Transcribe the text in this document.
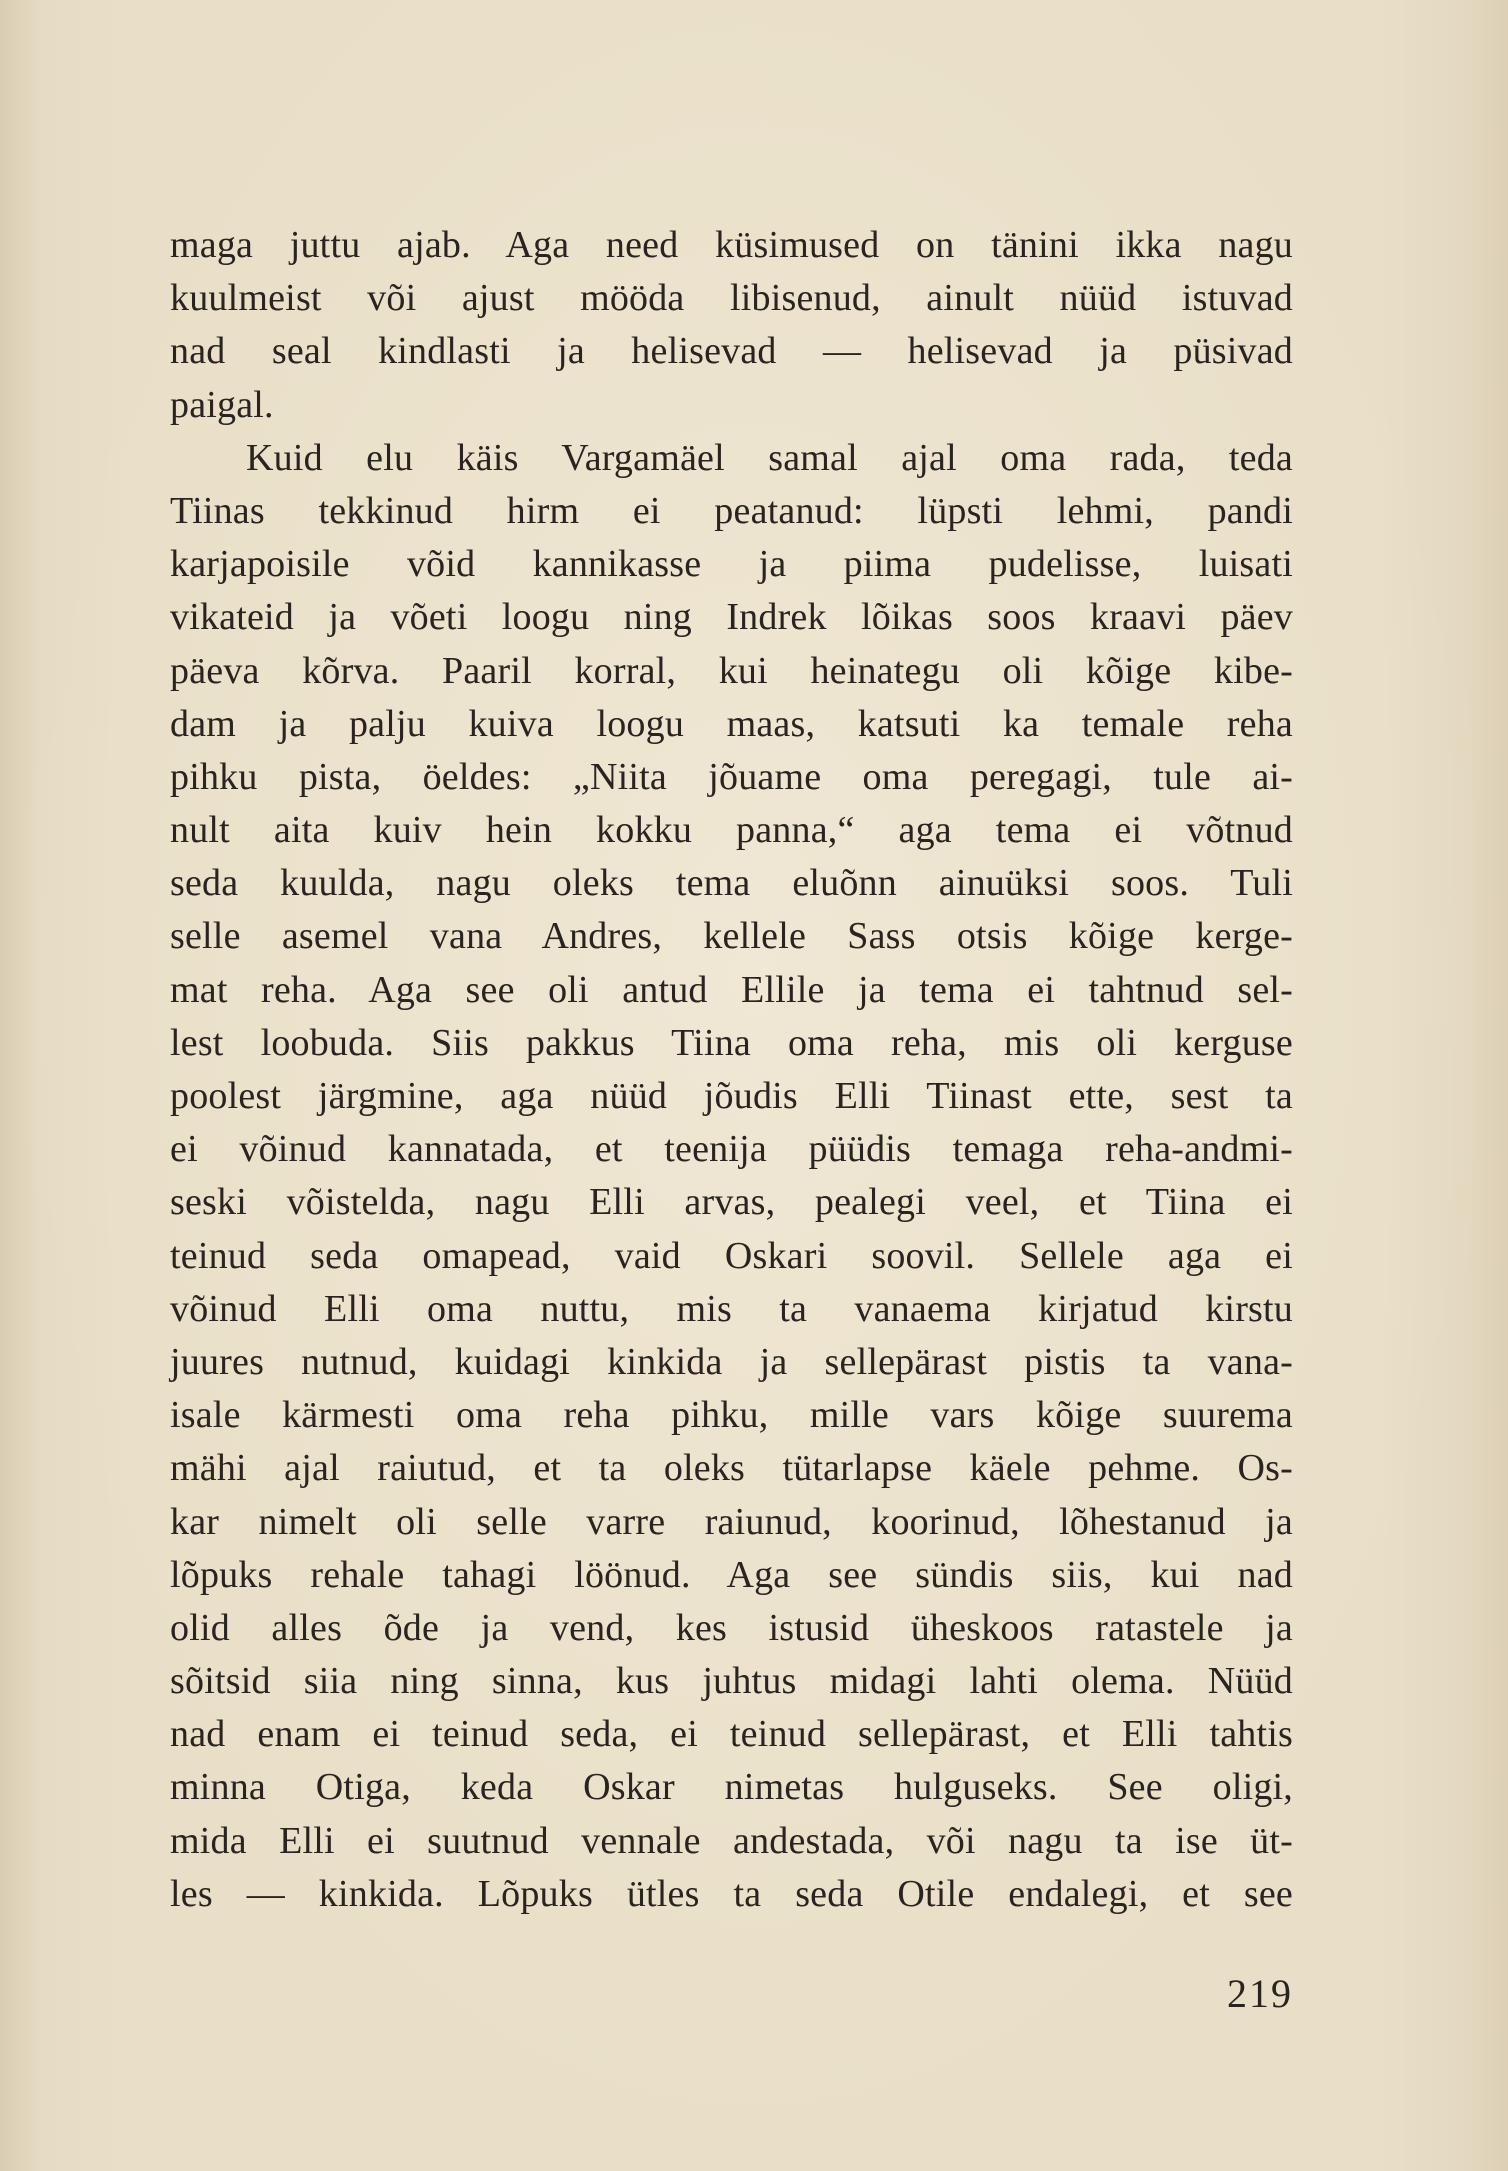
maga juttu ajab. Aga need küsimused on tänini ikka nagu
kuulmeist või ajust mööda libisenud, ainult nüüd istuvad
nad seal kindlasti ja helisevad — helisevad ja püsivad
paigal.
Kuid elu käis Vargamäel samal ajal oma rada, teda
Tiinas tekkinud hirm ei peatanud: lüpsti lehmi, pandi
karjapoisile võid kannikasse ja piima pudelisse, luisati
vikateid ja võeti loogu ning Indrek lõikas soos kraavi päev
päeva kõrva. Paaril korral, kui heinategu oli kõige kibe-
dam ja palju kuiva loogu maas, katsuti ka temale reha
pihku pista, öeldes: „Niita jõuame oma peregagi, tule ai-
nult aita kuiv hein kokku panna,“ aga tema ei võtnud
seda kuulda, nagu oleks tema eluõnn ainuüksi soos. Tuli
selle asemel vana Andres, kellele Sass otsis kõige kerge-
mat reha. Aga see oli antud Ellile ja tema ei tahtnud sel-
lest loobuda. Siis pakkus Tiina oma reha, mis oli kerguse
poolest järgmine, aga nüüd jõudis Elli Tiinast ette, sest ta
ei võinud kannatada, et teenija püüdis temaga reha-andmi-
seski võistelda, nagu Elli arvas, pealegi veel, et Tiina ei
teinud seda omapead, vaid Oskari soovil. Sellele aga ei
võinud Elli oma nuttu, mis ta vanaema kirjatud kirstu
juures nutnud, kuidagi kinkida ja sellepärast pistis ta vana-
isale kärmesti oma reha pihku, mille vars kõige suurema
mähi ajal raiutud, et ta oleks tütarlapse käele pehme. Os-
kar nimelt oli selle varre raiunud, koorinud, lõhestanud ja
lõpuks rehale tahagi löönud. Aga see sündis siis, kui nad
olid alles õde ja vend, kes istusid üheskoos ratastele ja
sõitsid siia ning sinna, kus juhtus midagi lahti olema. Nüüd
nad enam ei teinud seda, ei teinud sellepärast, et Elli tahtis
minna Otiga, keda Oskar nimetas hulguseks. See oligi,
mida Elli ei suutnud vennale andestada, või nagu ta ise üt-
les — kinkida. Lõpuks ütles ta seda Otile endalegi, et see
219
